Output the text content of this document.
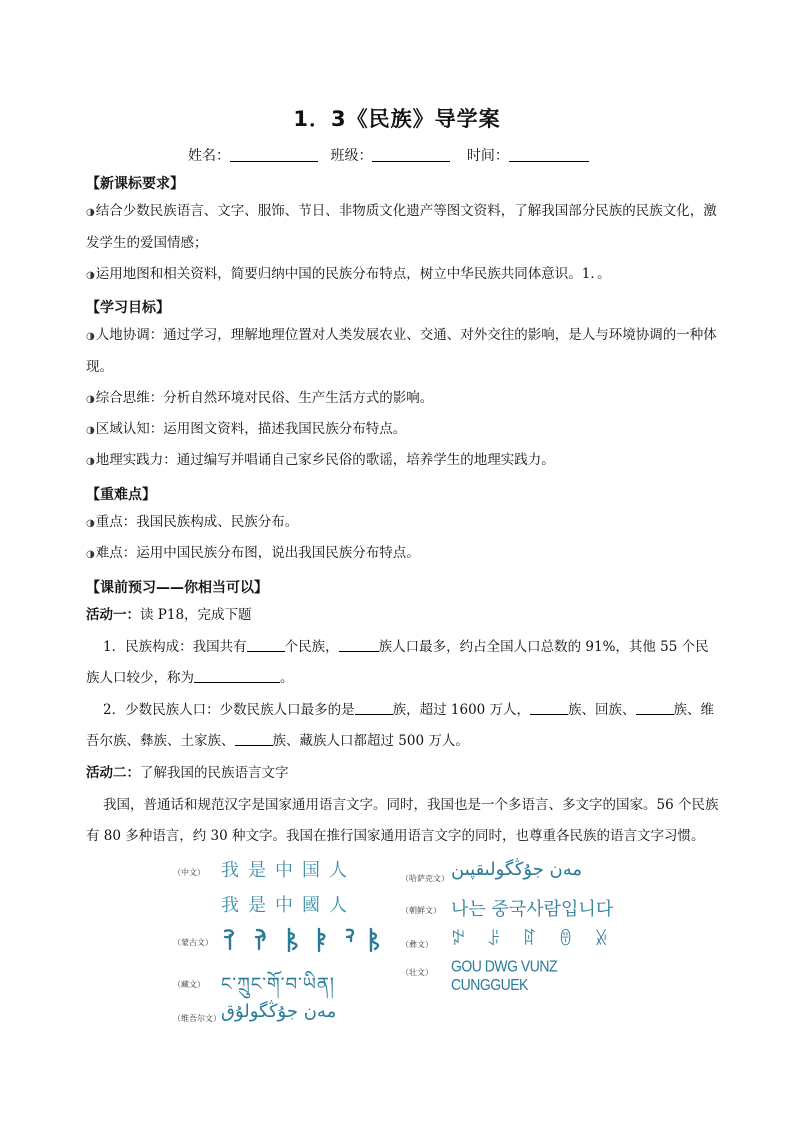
1．3《民族》导学案
姓名：	班级：	时间：
【新课标要求】
◑结合少数民族语言、文字、服饰、节日、非物质文化遗产等图文资料，了解我国部分民族的民族文化，激发学生的爱国情感；
◑运用地图和相关资料，简要归纳中国的民族分布特点，树立中华民族共同体意识。1．。
【学习目标】
◑人地协调：通过学习，理解地理位置对人类发展农业、交通、对外交往的影响，是人与环境协调的一种体现。
◑综合思维：分析自然环境对民俗、生产生活方式的影响。
◑区域认知：运用图文资料，描述我国民族分布特点。
◑地理实践力：通过编写并唱诵自己家乡民俗的歌谣，培养学生的地理实践力。
【重难点】
◑重点：我国民族构成、民族分布。
◑难点：运用中国民族分布图，说出我国民族分布特点。
【课前预习——你相当可以】
活动一：读 P18，完成下题
1．民族构成：我国共有	个民族，	族人口最多，约占全国人口总数的 91%，其他 55 个民族人口较少，称为	。
2．少数民族人口：少数民族人口最多的是	族，超过 1600 万人，	族、回族、	族、维吾尔族、彝族、土家族、	族、藏族人口都超过 500 万人。
活动二：了解我国的民族语言文字
我国，普通话和规范汉字是国家通用语言文字。同时，我国也是一个多语言、多文字的国家。56 个民族有 80 多种语言，约 30 种文字。我国在推行国家通用语言文字的同时，也尊重各民族的语言文字习惯。
（中文） 我是中国人
我是中國人
（蒙古文）
（藏文） ང་ཀྲུང་གོ་བ་ཡིན།
（维吾尔文） مەن جۇڭگولۇق
（哈萨克文） مەن جۇڭگولىقپىن
（朝鲜文） 나는 중국사람입니다
（彝文） ꉢ ꌠ ꍏ ꇩ ꊉ
（壮文） GOU DWG VUNZ CUNGGUEK
